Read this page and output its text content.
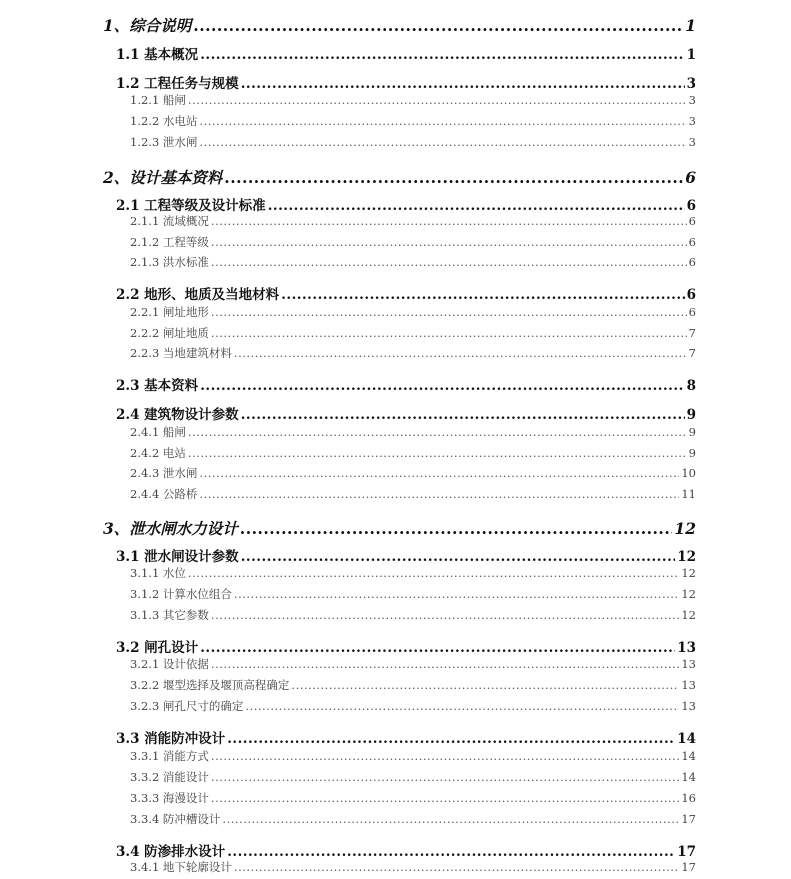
1、综合说明 .....	1
1.1 基本概况 .....	1
1.2 工程任务与规模 .....	3
1.2.1 船闸 .....	3
1.2.2 水电站 .....	3
1.2.3 泄水闸 .....	3
2、设计基本资料 .....	6
2.1 工程等级及设计标准 .....	6
2.1.1 流域概况 .....	6
2.1.2 工程等级 .....	6
2.1.3 洪水标准 .....	6
2.2 地形、地质及当地材料 .....	6
2.2.1 闸址地形 .....	6
2.2.2 闸址地质 .....	7
2.2.3 当地建筑材料 .....	7
2.3 基本资料 .....	8
2.4 建筑物设计参数 .....	9
2.4.1 船闸 .....	9
2.4.2 电站 .....	9
2.4.3 泄水闸 .....	10
2.4.4 公路桥 .....	11
3、泄水闸水力设计 .....	12
3.1 泄水闸设计参数 .....	12
3.1.1 水位 .....	12
3.1.2 计算水位组合 .....	12
3.1.3 其它参数 .....	12
3.2 闸孔设计 .....	13
3.2.1 设计依据 .....	13
3.2.2 堰型选择及堰顶高程确定 .....	13
3.2.3 闸孔尺寸的确定 .....	13
3.3 消能防冲设计 .....	14
3.3.1 消能方式 .....	14
3.3.2 消能设计 .....	14
3.3.3 海漫设计 .....	16
3.3.4 防冲槽设计 .....	17
3.4 防渗排水设计 .....	17
3.4.1 地下轮廓设计 .....	17
